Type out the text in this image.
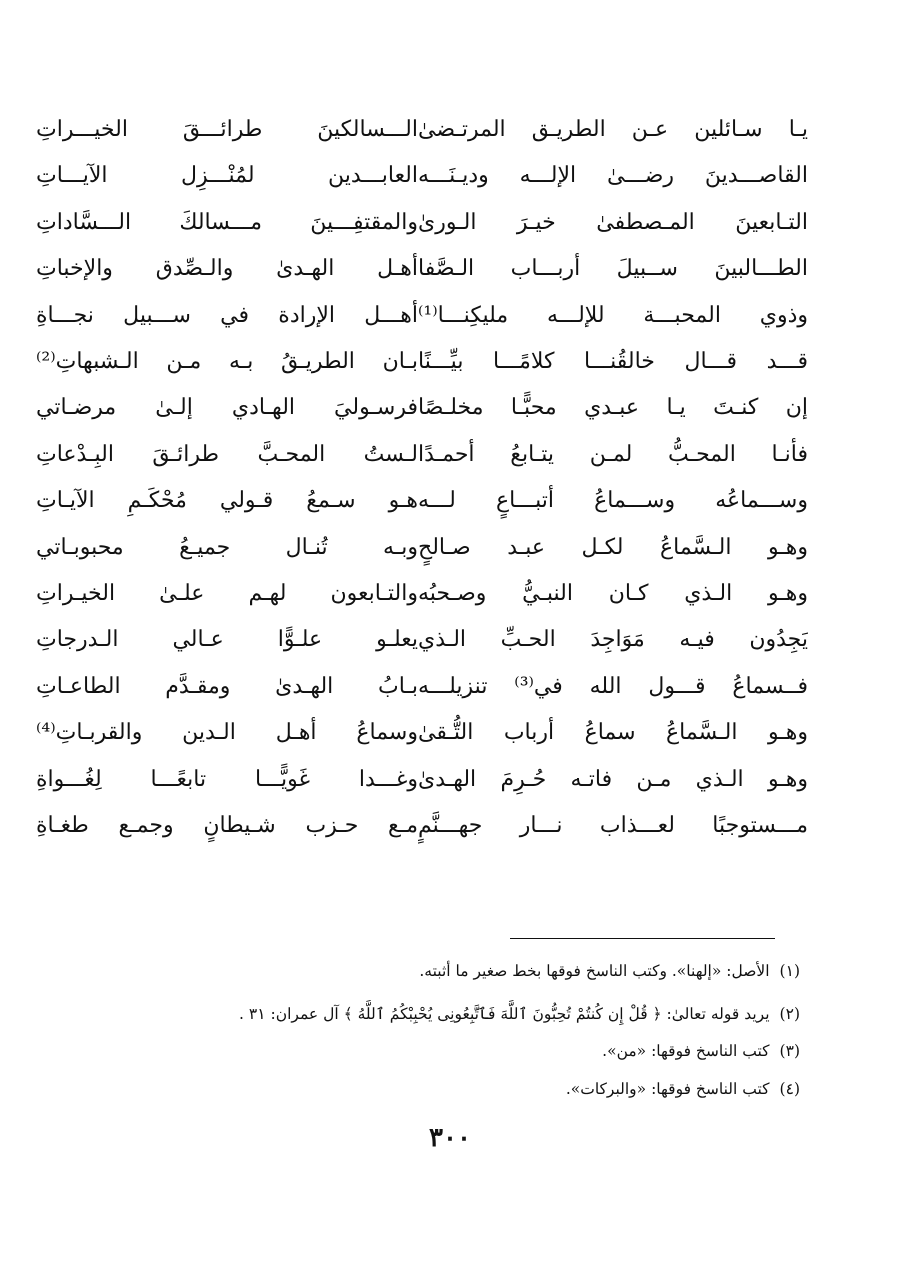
يـا سـائلين عـن الطريـق المرتـضىٰ
الـــسالكينَ طرائـــقَ الخيـــراتِ
القاصـــدينَ رضـــىٰ الإلـــه وديـنَـــه
العابـــدين لمُنْـــزِل الآيـــاتِ
التـابعينَ المـصطفىٰ خيـرَ الـورىٰ
والمقتفِـــينَ مـــسالكَ الـــسَّاداتِ
الطـــالبينَ ســبيلَ أربـــاب الـصَّفا
أهـل الهـدىٰ والـصِّدق والإخباتِ
وذوي المحبـــة للإلـــه مليكِنـــا⁽¹⁾
أهـــل الإرادة في ســـبيل نجـــاةِ
قـــد قـــال خالقُنـــا كلامًـــا بيِّـــنًا
بـان الطريـقُ بـه مـن الـشبهاتِ⁽²⁾
إن كنـتَ يـا عبـدي محبًّـا مخلـصًا
فرسـوليَ الهـادي إلـىٰ مرضـاتي
فأنـا المحـبُّ لمـن يتـابعُ أحمـدًا
لـستُ المحـبَّ طرائـقَ البِـدْعاتِ
وســـماعُه وســـماعُ أتبـــاعٍ لـــه
هـو سـمعُ قـولي مُحْكَـمِ الآيـاتِ
وهـو الـسَّماعُ لكـل عبـد صـالحٍ
وبـه تُنـال جميـعُ محبوبـاتي
وهـو الـذي كـان النبـيُّ وصـحبُه
والتـابعون لهـم علـىٰ الخيـراتِ
يَجِدُون فيـه مَوَاجِدَ الحـبِّ الـذي
يعلـو علـوًّا عـالي الـدرجاتِ
فــسماعُ قـــول الله في⁽³⁾ تنزيلـــه
بـابُ الهـدىٰ ومقـدَّم الطاعـاتِ
وهـو الـسَّماعُ سماعُ أرباب التُّـقىٰ
وسماعُ أهـل الـدين والقربـاتِ⁽⁴⁾
وهـو الـذي مـن فاتـه حُـرِمَ الهـدىٰ
وغـــدا غَويًّـــا تابعًـــا لِغُـــواةِ
مـــستوجبًا لعـــذاب نـــار جهـــنَّمٍ
مـع حـزب شـيطانٍ وجمـع طغـاةِ
(١)الأصل: «إلهنا». وكتب الناسخ فوقها بخط صغير ما أثبته.
(٢)يريد قوله تعالىٰ: ﴿ قُلْ إِن كُنتُمْ تُحِبُّونَ ٱللَّهَ فَٱتَّبِعُونِى يُحْبِبْكُمُ ٱللَّهُ ﴾ آل عمران: ٣١ .
(٣)كتب الناسخ فوقها: «من».
(٤)كتب الناسخ فوقها: «والبركات».
٣٠٠
